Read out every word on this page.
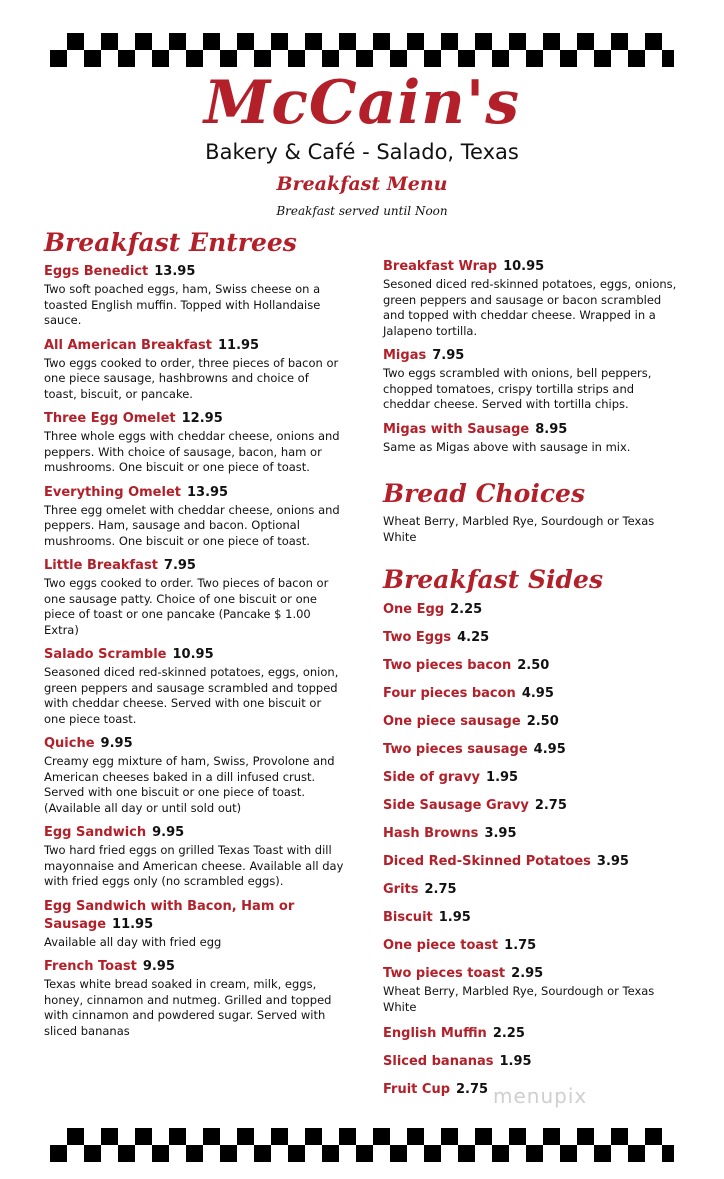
McCain's
Bakery & Café - Salado, Texas
Breakfast Menu
Breakfast served until Noon
Breakfast Entrees
Eggs Benedict 13.95
Two soft poached eggs, ham, Swiss cheese on a toasted English muffin. Topped with Hollandaise sauce.
All American Breakfast 11.95
Two eggs cooked to order, three pieces of bacon or one piece sausage, hashbrowns and choice of toast, biscuit, or pancake.
Three Egg Omelet 12.95
Three whole eggs with cheddar cheese, onions and peppers. With choice of sausage, bacon, ham or mushrooms. One biscuit or one piece of toast.
Everything Omelet 13.95
Three egg omelet with cheddar cheese, onions and peppers. Ham, sausage and bacon. Optional mushrooms. One biscuit or one piece of toast.
Little Breakfast 7.95
Two eggs cooked to order. Two pieces of bacon or one sausage patty. Choice of one biscuit or one piece of toast or one pancake (Pancake $ 1.00 Extra)
Salado Scramble 10.95
Seasoned diced red-skinned potatoes, eggs, onion, green peppers and sausage scrambled and topped with cheddar cheese. Served with one biscuit or one piece toast.
Quiche 9.95
Creamy egg mixture of ham, Swiss, Provolone and American cheeses baked in a dill infused crust. Served with one biscuit or one piece of toast. (Available all day or until sold out)
Egg Sandwich 9.95
Two hard fried eggs on grilled Texas Toast with dill mayonnaise and American cheese. Available all day with fried eggs only (no scrambled eggs).
Egg Sandwich with Bacon, Ham or Sausage 11.95
Available all day with fried egg
French Toast 9.95
Texas white bread soaked in cream, milk, eggs, honey, cinnamon and nutmeg. Grilled and topped with cinnamon and powdered sugar. Served with sliced bananas
Breakfast Wrap 10.95
Sesoned diced red-skinned potatoes, eggs, onions, green peppers and sausage or bacon scrambled and topped with cheddar cheese. Wrapped in a Jalapeno tortilla.
Migas 7.95
Two eggs scrambled with onions, bell peppers, chopped tomatoes, crispy tortilla strips and cheddar cheese. Served with tortilla chips.
Migas with Sausage 8.95
Same as Migas above with sausage in mix.
Bread Choices
Wheat Berry, Marbled Rye, Sourdough or Texas White
Breakfast Sides
One Egg 2.25
Two Eggs 4.25
Two pieces bacon 2.50
Four pieces bacon 4.95
One piece sausage 2.50
Two pieces sausage 4.95
Side of gravy 1.95
Side Sausage Gravy 2.75
Hash Browns 3.95
Diced Red-Skinned Potatoes 3.95
Grits 2.75
Biscuit 1.95
One piece toast 1.75
Two pieces toast 2.95
Wheat Berry, Marbled Rye, Sourdough or Texas White
English Muffin 2.25
Sliced bananas 1.95
Fruit Cup 2.75 menupix
